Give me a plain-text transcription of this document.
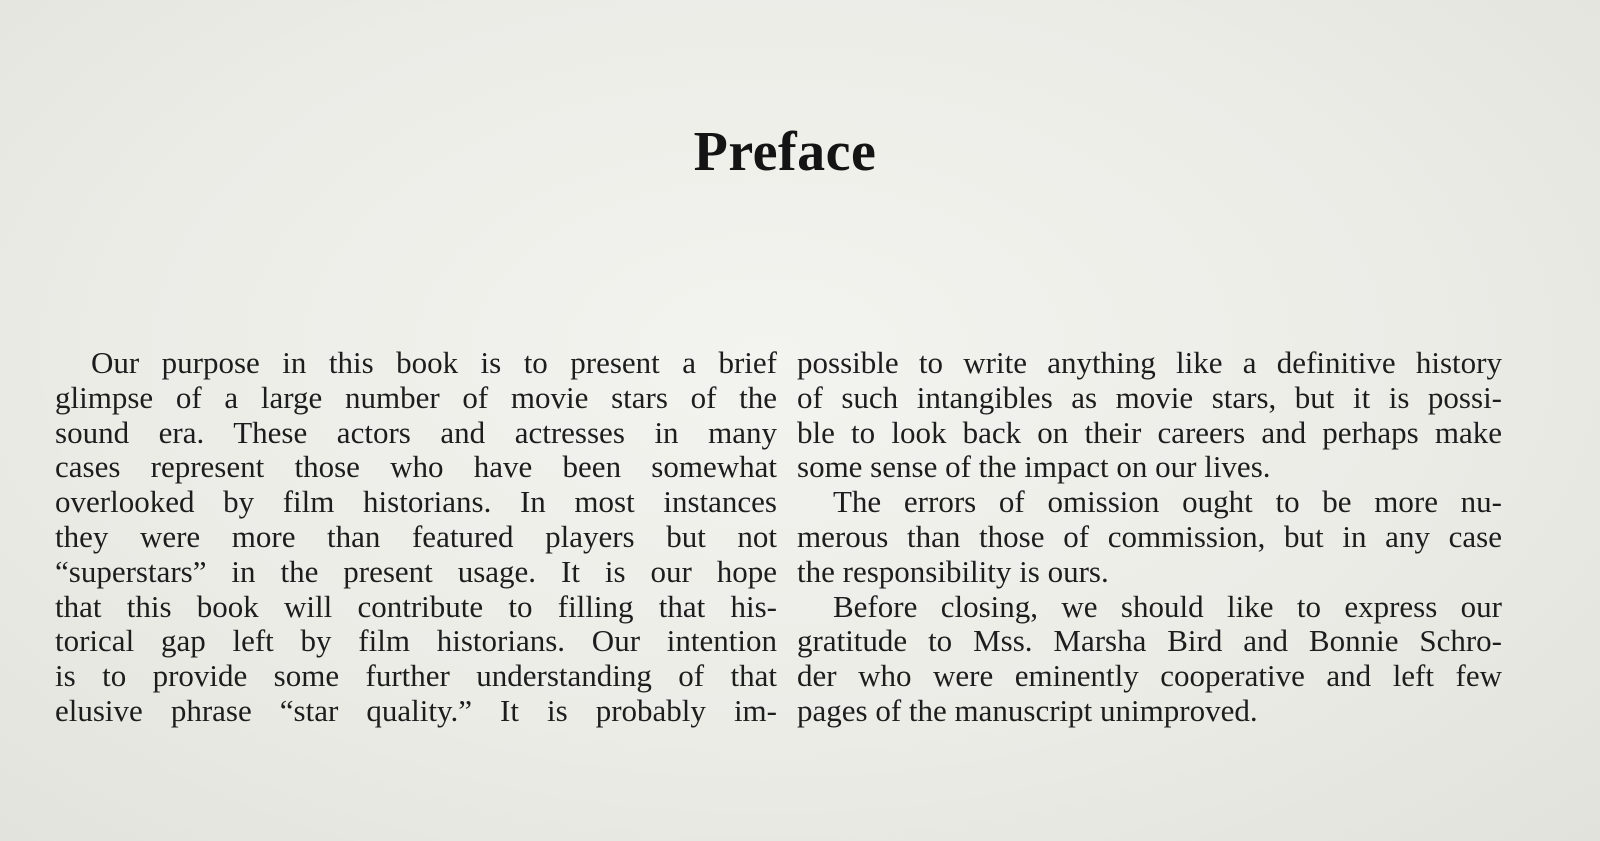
Preface

Our purpose in this book is to present a brief
glimpse of a large number of movie stars of the
sound era. These actors and actresses in many
cases represent those who have been somewhat
overlooked by film historians. In most instances
they were more than featured players but not
“superstars” in the present usage. It is our hope
that this book will contribute to filling that his-
torical gap left by film historians. Our intention
is to provide some further understanding of that
elusive phrase “star quality.” It is probably im-

possible to write anything like a definitive history
of such intangibles as movie stars, but it is possi-
ble to look back on their careers and perhaps make
some sense of the impact on our lives.

The errors of omission ought to be more nu-
merous than those of commission, but in any case
the responsibility is ours.

Before closing, we should like to express our
gratitude to Mss. Marsha Bird and Bonnie Schro-
der who were eminently cooperative and left few
pages of the manuscript unimproved.
